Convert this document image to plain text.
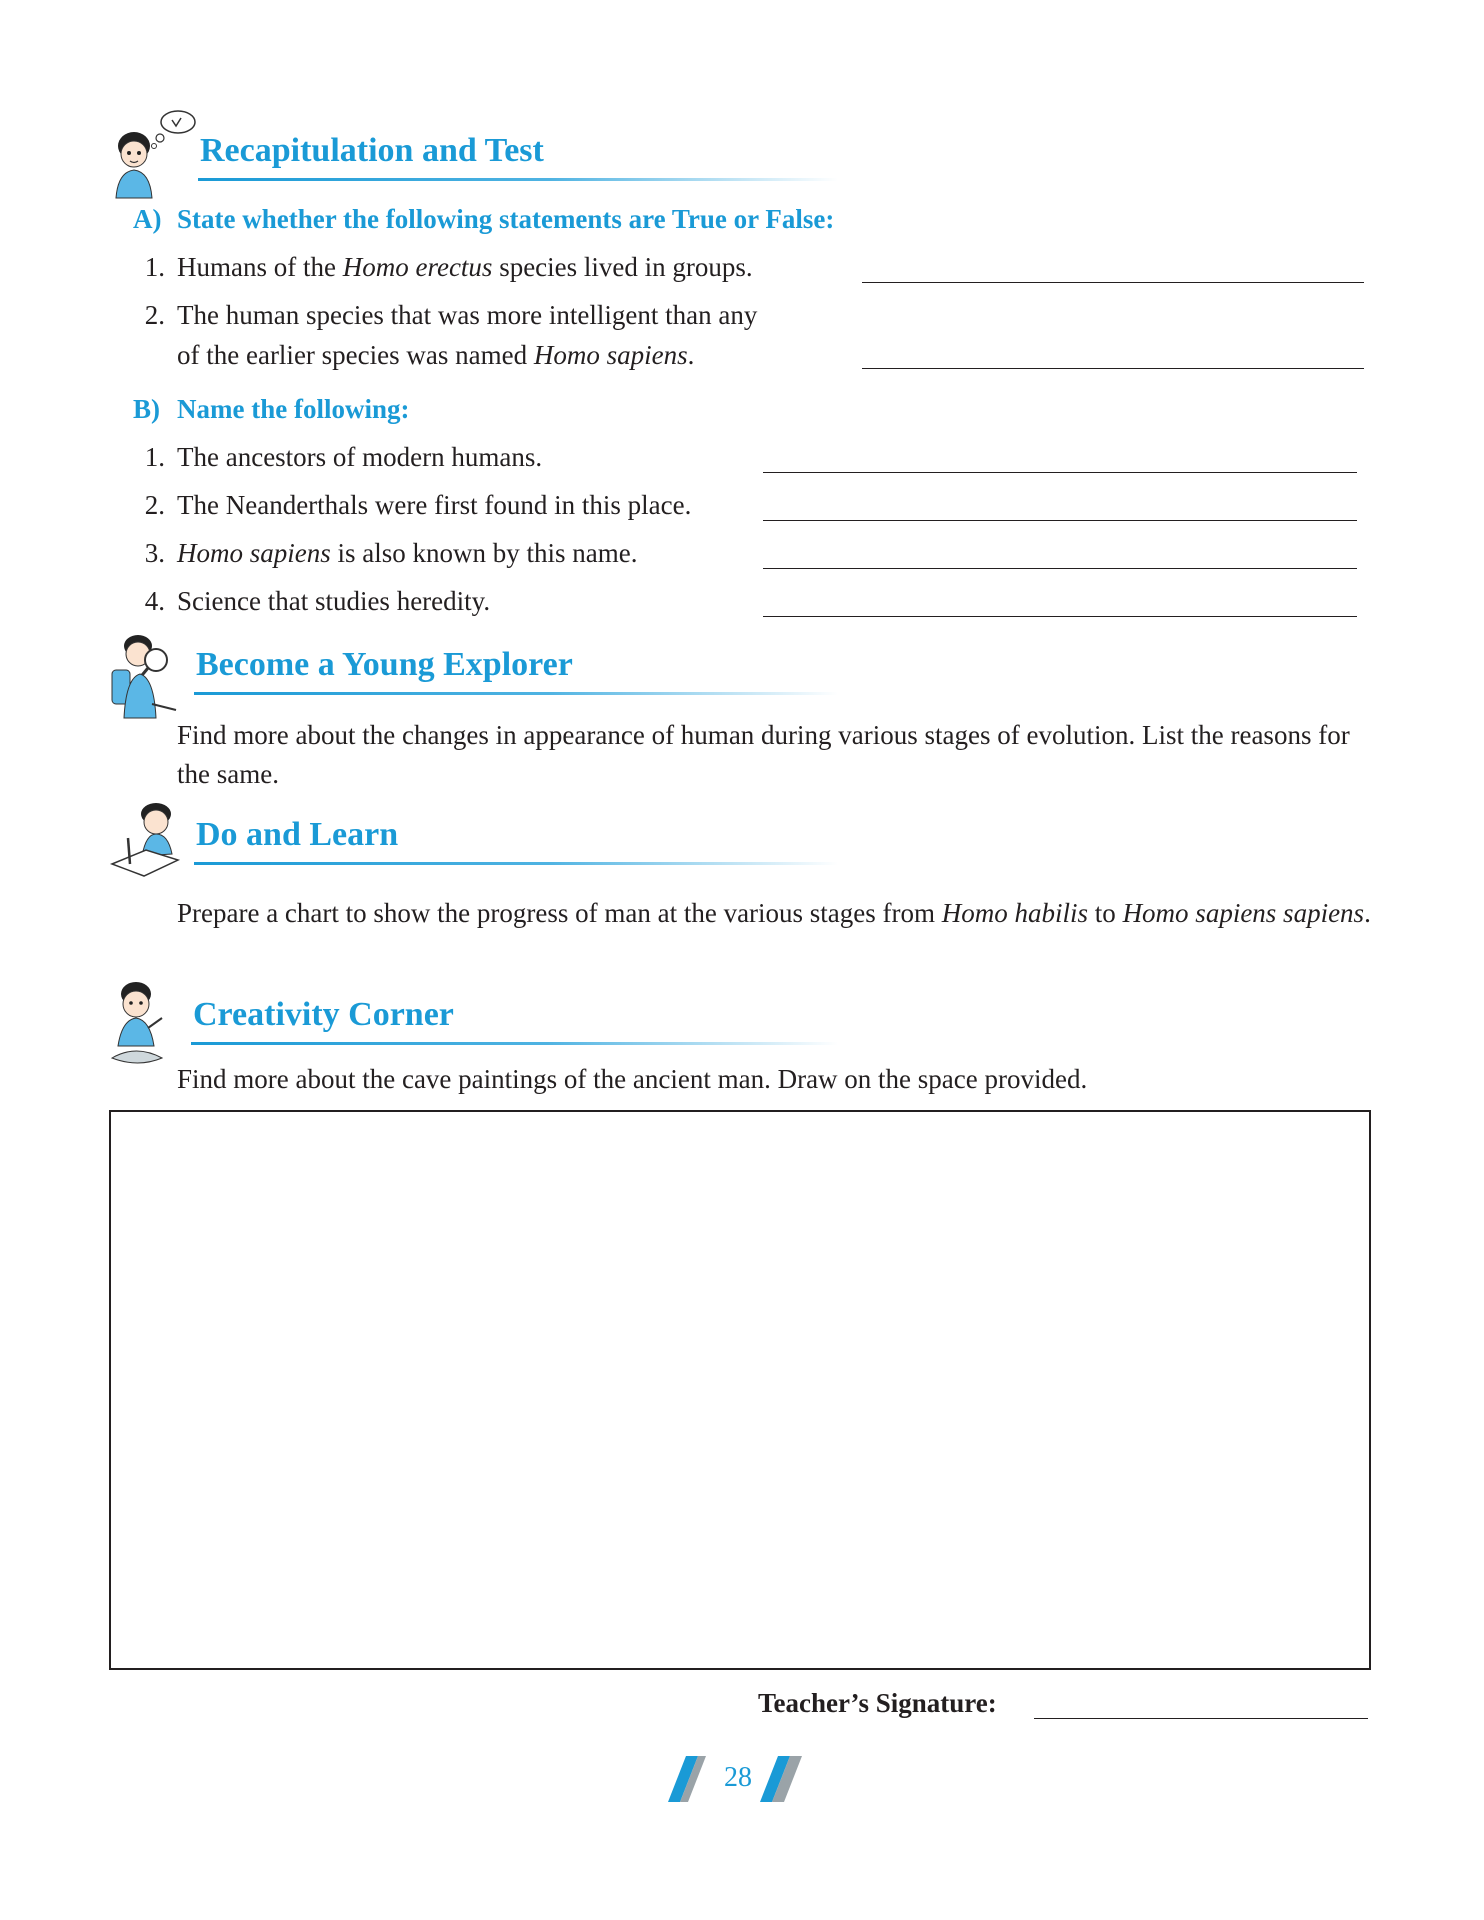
Recapitulation and Test
A) State whether the following statements are True or False:
1. Humans of the Homo erectus species lived in groups.
2. The human species that was more intelligent than any
of the earlier species was named Homo sapiens.
B) Name the following:
1. The ancestors of modern humans.
2. The Neanderthals were first found in this place.
3. Homo sapiens is also known by this name.
4. Science that studies heredity.
Become a Young Explorer
Find more about the changes in appearance of human during various stages of evolution. List the reasons for the same.
Do and Learn
Prepare a chart to show the progress of man at the various stages from Homo habilis to Homo sapiens sapiens.
Creativity Corner
Find more about the cave paintings of the ancient man. Draw on the space provided.
Teacher’s Signature:
28
